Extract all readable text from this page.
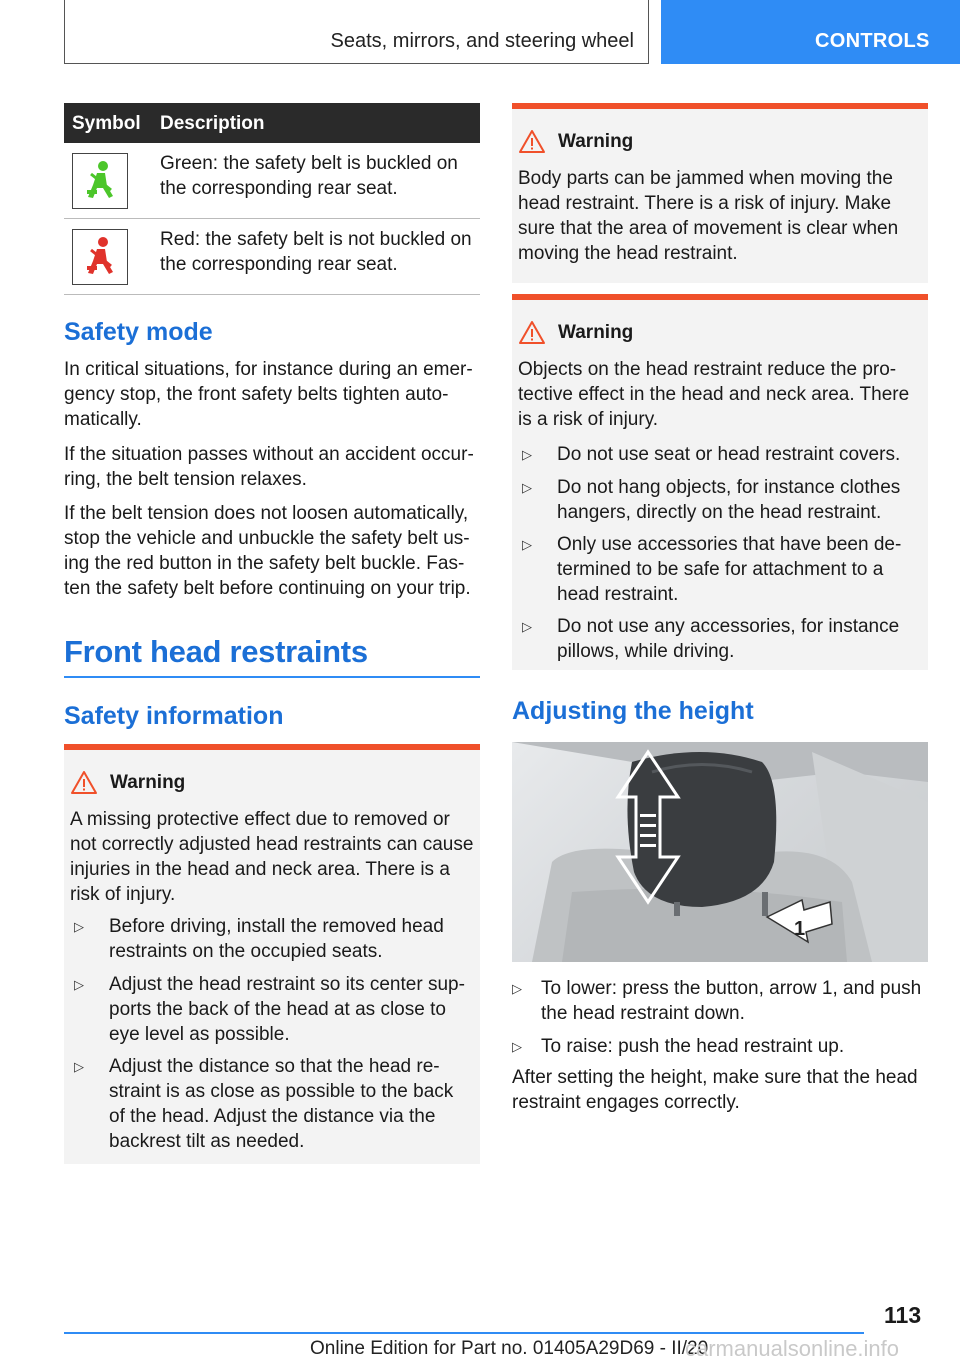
Seats, mirrors, and steering wheel	CONTROLS
Symbol Description
Green: the safety belt is buckled on the corresponding rear seat.
Red: the safety belt is not buckled on the corresponding rear seat.
Safety mode
In critical situations, for instance during an emer‐ gency stop, the front safety belts tighten auto‐ matically.
If the situation passes without an accident occur‐ ring, the belt tension relaxes.
If the belt tension does not loosen automatically, stop the vehicle and unbuckle the safety belt us‐ ing the red button in the safety belt buckle. Fas‐ ten the safety belt before continuing on your trip.
Front head restraints
Safety information
Warning
A missing protective effect due to removed or not correctly adjusted head restraints can cause injuries in the head and neck area. There is a risk of injury.
▷ Before driving, install the removed head restraints on the occupied seats.
▷ Adjust the head restraint so its center sup‐ ports the back of the head at as close to eye level as possible.
▷ Adjust the distance so that the head re‐ straint is as close as possible to the back of the head. Adjust the distance via the backrest tilt as needed.
Warning
Body parts can be jammed when moving the head restraint. There is a risk of injury. Make sure that the area of movement is clear when moving the head restraint.
Warning
Objects on the head restraint reduce the pro‐ tective effect in the head and neck area. There is a risk of injury.
▷ Do not use seat or head restraint covers.
▷ Do not hang objects, for instance clothes hangers, directly on the head restraint.
▷ Only use accessories that have been de‐ termined to be safe for attachment to a head restraint.
▷ Do not use any accessories, for instance pillows, while driving.
Adjusting the height
1
▷ To lower: press the button, arrow 1, and push the head restraint down.
▷ To raise: push the head restraint up.
After setting the height, make sure that the head restraint engages correctly.
113
Online Edition for Part no. 01405A29D69 - II/20
carmanualsonline.info
